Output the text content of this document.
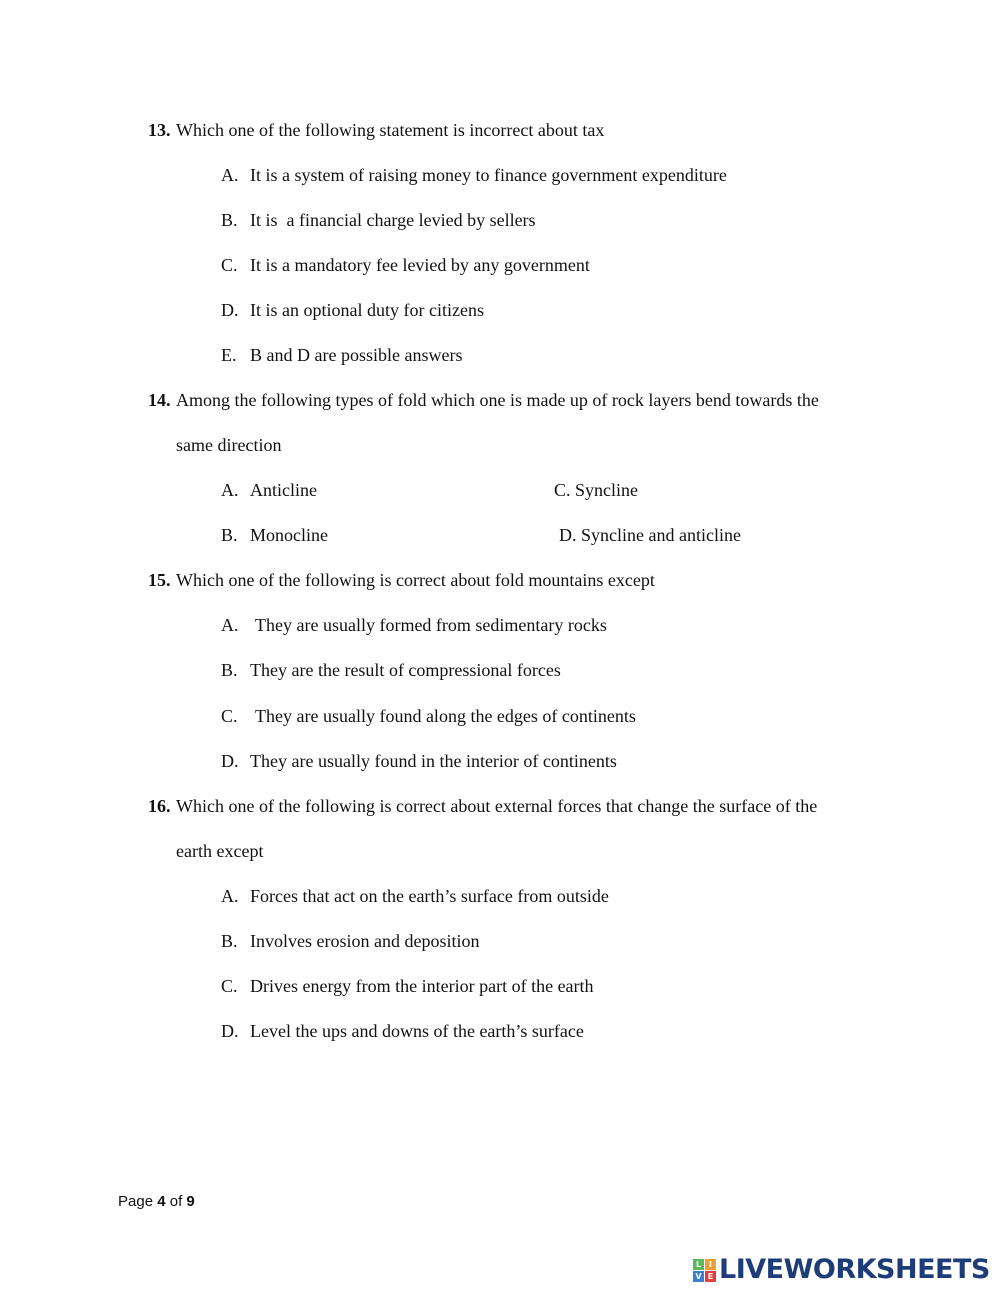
13. Which one of the following statement is incorrect about tax
A. It is a system of raising money to finance government expenditure
B. It is  a financial charge levied by sellers
C. It is a mandatory fee levied by any government
D. It is an optional duty for citizens
E. B and D are possible answers
14. Among the following types of fold which one is made up of rock layers bend towards the
same direction
A. Anticline	C. Syncline
B. Monocline	D. Syncline and anticline
15. Which one of the following is correct about fold mountains except
A. They are usually formed from sedimentary rocks
B. They are the result of compressional forces
C. They are usually found along the edges of continents
D. They are usually found in the interior of continents
16. Which one of the following is correct about external forces that change the surface of the
earth except
A. Forces that act on the earth’s surface from outside
B. Involves erosion and deposition
C. Drives energy from the interior part of the earth
D. Level the ups and downs of the earth’s surface
Page 4 of 9
L I
V E LIVEWORKSHEETS
